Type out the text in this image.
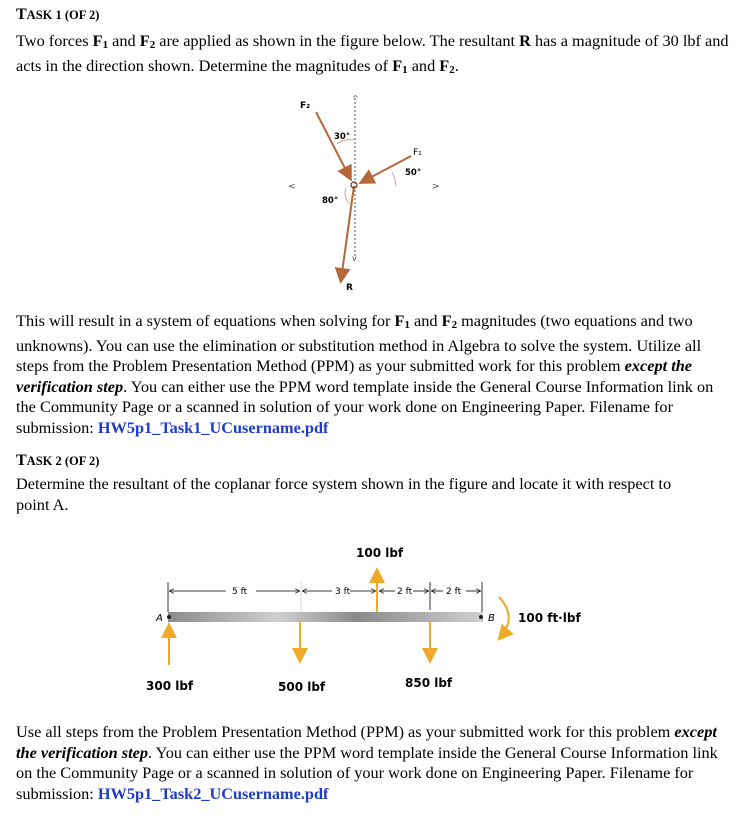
TASK 1 (OF 2)
Two forces $F_1$ and $F_2$ are applied as shown in the figure below. The resultant R has a magnitude of 30 lbf and acts in the direction shown. Determine the magnitudes of $F_1$ and $F_2$.
F₂
30°
F₁
50°
80°
R
<	>
^
v
5 ft	3 ft	2 ft	2 ft
A	B
300 lbf	500 lbf
100 lbf
850 lbf
100 ft·lbf
This will result in a system of equations when solving for $F_1$ and $F_2$ magnitudes (two equations and two unknowns). You can use the elimination or substitution method in Algebra to solve the system. Utilize all steps from the Problem Presentation Method (PPM) as your submitted work for this problem except the verification step. You can either use the PPM word template inside the General Course Information link on the Community Page or a scanned in solution of your work done on Engineering Paper. Filename for submission: HW5p1_Task1_UCusername.pdf
TASK 2 (OF 2)
Determine the resultant of the coplanar force system shown in the figure and locate it with respect to point A.
Use all steps from the Problem Presentation Method (PPM) as your submitted work for this problem except the verification step. You can either use the PPM word template inside the General Course Information link on the Community Page or a scanned in solution of your work done on Engineering Paper. Filename for submission: HW5p1_Task2_UCusername.pdf
